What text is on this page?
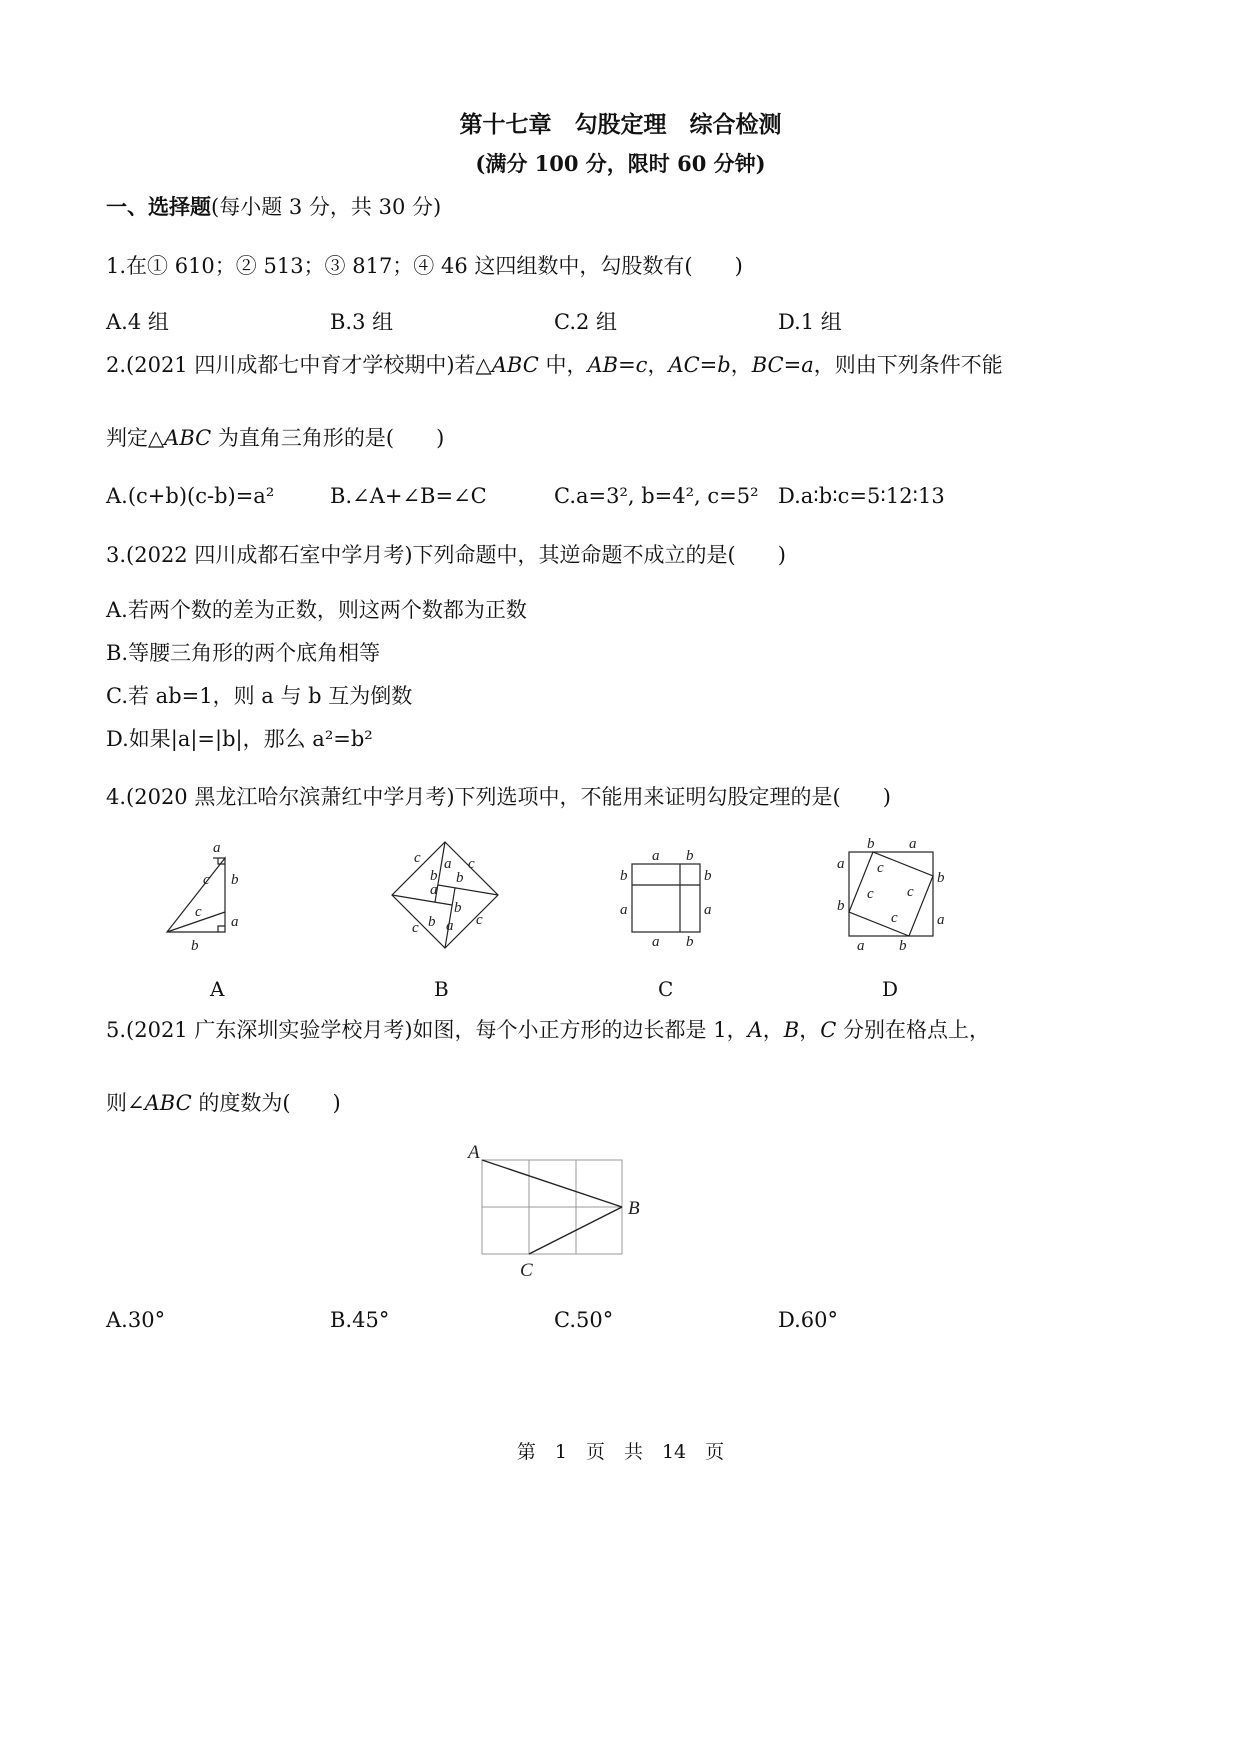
第十七章　勾股定理　综合检测
(满分 100 分，限时 60 分钟)
一、选择题(每小题 3 分，共 30 分)
1.在① 610；② 513；③ 817；④ 46 这四组数中，勾股数有(　　)
A.4 组	B.3 组	C.2 组	D.1 组
2.(2021 四川成都七中育才学校期中)若△ABC 中，AB=c，AC=b，BC=a，则由下列条件不能
判定△ABC 为直角三角形的是(　　)
A.(c+b)(c-b)=a²	B.∠A+∠B=∠C	C.a=3², b=4², c=5² D.a∶b∶c=5∶12∶13
3.(2022 四川成都石室中学月考)下列命题中，其逆命题不成立的是(　　)
A.若两个数的差为正数，则这两个数都为正数
B.等腰三角形的两个底角相等
C.若 ab=1，则 a 与 b 互为倒数
D.如果|a|=|b|，那么 a²=b²
4.(2020 黑龙江哈尔滨萧红中学月考)下列选项中，不能用来证明勾股定理的是(　　)
a
c b
c
a
b
A
c	c
a
b b
a
b a
b
c	c
B
a b
b	b
a	a
a b
C
b a
a
b
b
a
a b
c
c
c
c
D
5.(2021 广东深圳实验学校月考)如图，每个小正方形的边长都是 1，A，B，C 分别在格点上，
则∠ABC 的度数为(　　)
A
B
C
A.30°	B.45°	C.50°	D.60°
第　1　页　共　14　页
